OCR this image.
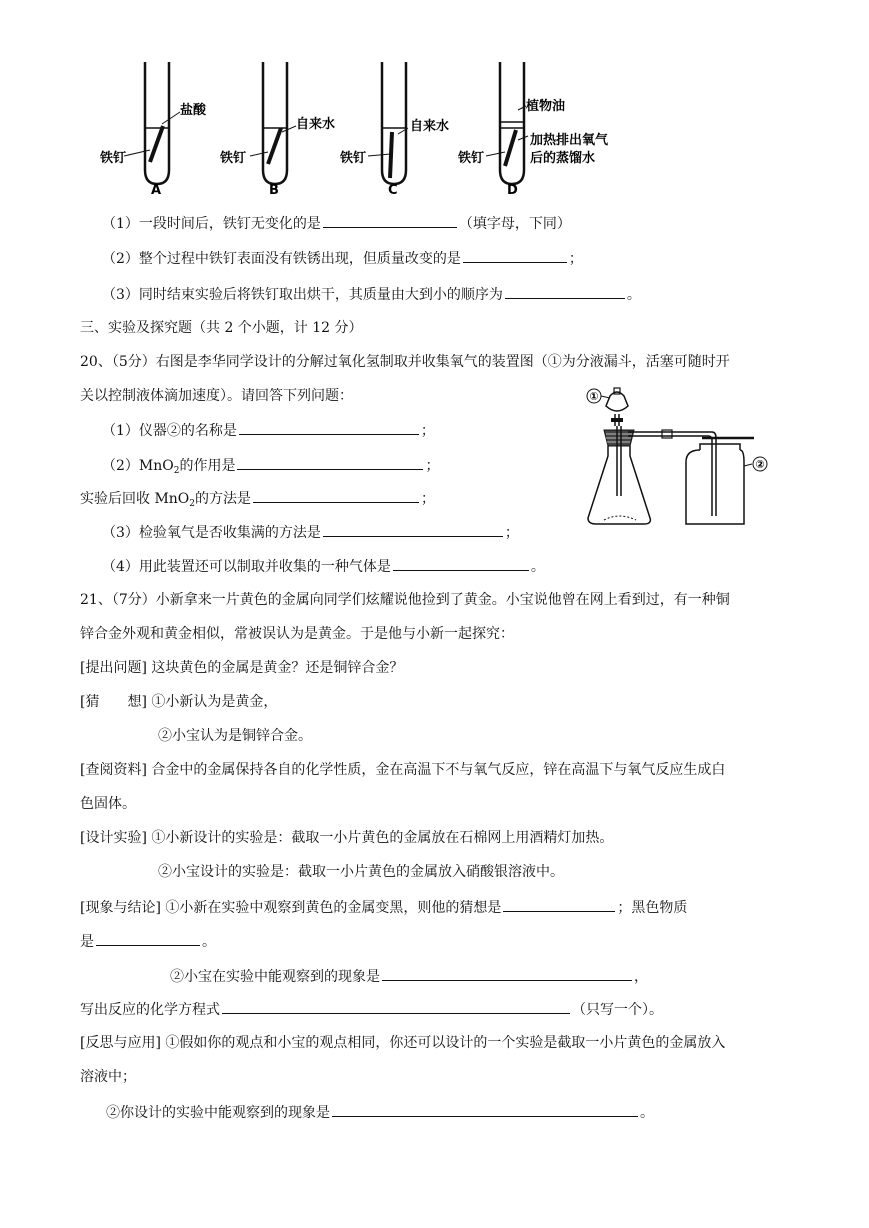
盐酸
铁钉
A
自来水
铁钉
B
自来水
铁钉
C
植物油
加热排出氧气
后的蒸馏水
铁钉
D
（1）一段时间后，铁钉无变化的是	（填字母，下同）
（2）整个过程中铁钉表面没有铁锈出现，但质量改变的是	；
（3）同时结束实验后将铁钉取出烘干，其质量由大到小的顺序为	。
三、实验及探究题（共 2 个小题，计 12 分）
20、（5分）右图是李华同学设计的分解过氧化氢制取并收集氧气的装置图（①为分液漏斗，活塞可随时开
关以控制液体滴加速度）。请回答下列问题：
（1）仪器②的名称是	；
（2）MnO$_2$的作用是	；
实验后回收 MnO$_2$的方法是	；
（3）检验氧气是否收集满的方法是	；
（4）用此装置还可以制取并收集的一种气体是	。
①
②
21、（7分）小新拿来一片黄色的金属向同学们炫耀说他捡到了黄金。小宝说他曾在网上看到过，有一种铜
锌合金外观和黄金相似，常被误认为是黄金。于是他与小新一起探究：
[提出问题] 这块黄色的金属是黄金？还是铜锌合金？
[猜　　想] ①小新认为是黄金，
②小宝认为是铜锌合金。
[查阅资料] 合金中的金属保持各自的化学性质，金在高温下不与氧气反应，锌在高温下与氧气反应生成白
色固体。
[设计实验] ①小新设计的实验是：截取一小片黄色的金属放在石棉网上用酒精灯加热。
②小宝设计的实验是：截取一小片黄色的金属放入硝酸银溶液中。
[现象与结论] ①小新在实验中观察到黄色的金属变黑，则他的猜想是	；黑色物质
是	。
②小宝在实验中能观察到的现象是	，
写出反应的化学方程式	（只写一个）。
[反思与应用] ①假如你的观点和小宝的观点相同，你还可以设计的一个实验是截取一小片黄色的金属放入
溶液中；
②你设计的实验中能观察到的现象是	。
